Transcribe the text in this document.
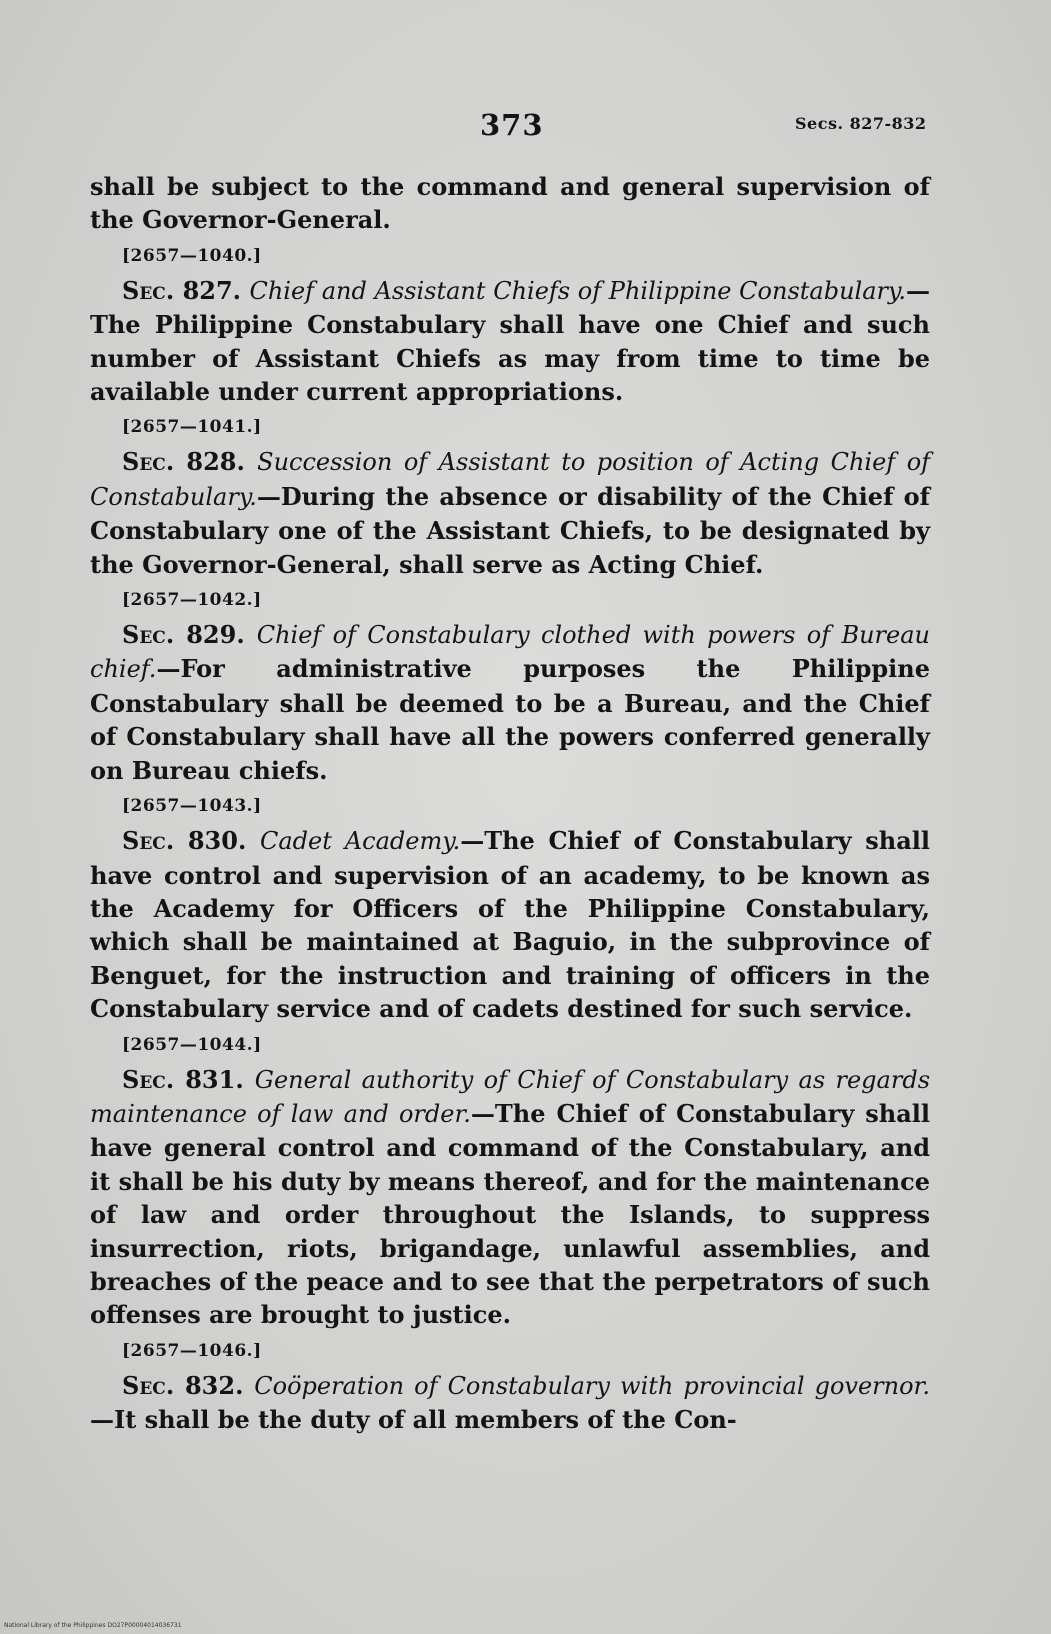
373	Secs. 827-832

shall be subject to the command and general supervision of the Governor-General.

[2657—1040.]

Sec. 827. Chief and Assistant Chiefs of Philippine Constabulary.—The Philippine Constabulary shall have one Chief and such number of Assistant Chiefs as may from time to time be available under current appropriations.

[2657—1041.]

Sec. 828. Succession of Assistant to position of Acting Chief of Constabulary.—During the absence or disability of the Chief of Constabulary one of the Assistant Chiefs, to be designated by the Governor-General, shall serve as Acting Chief.

[2657—1042.]

Sec. 829. Chief of Constabulary clothed with powers of Bureau chief.—For administrative purposes the Philippine Constabulary shall be deemed to be a Bureau, and the Chief of Constabulary shall have all the powers conferred generally on Bureau chiefs.

[2657—1043.]

Sec. 830. Cadet Academy.—The Chief of Constabulary shall have control and supervision of an academy, to be known as the Academy for Officers of the Philippine Constabulary, which shall be maintained at Baguio, in the subprovince of Benguet, for the instruction and training of officers in the Constabulary service and of cadets destined for such service.

[2657—1044.]

Sec. 831. General authority of Chief of Constabulary as regards maintenance of law and order.—The Chief of Constabulary shall have general control and command of the Constabulary, and it shall be his duty by means thereof, and for the maintenance of law and order throughout the Islands, to suppress insurrection, riots, brigandage, unlawful assemblies, and breaches of the peace and to see that the perpetrators of such offenses are brought to justice.

[2657—1046.]

Sec. 832. Coöperation of Constabulary with provincial governor.—It shall be the duty of all members of the Con-

National Library of the Philippines DO27P00004014036731
